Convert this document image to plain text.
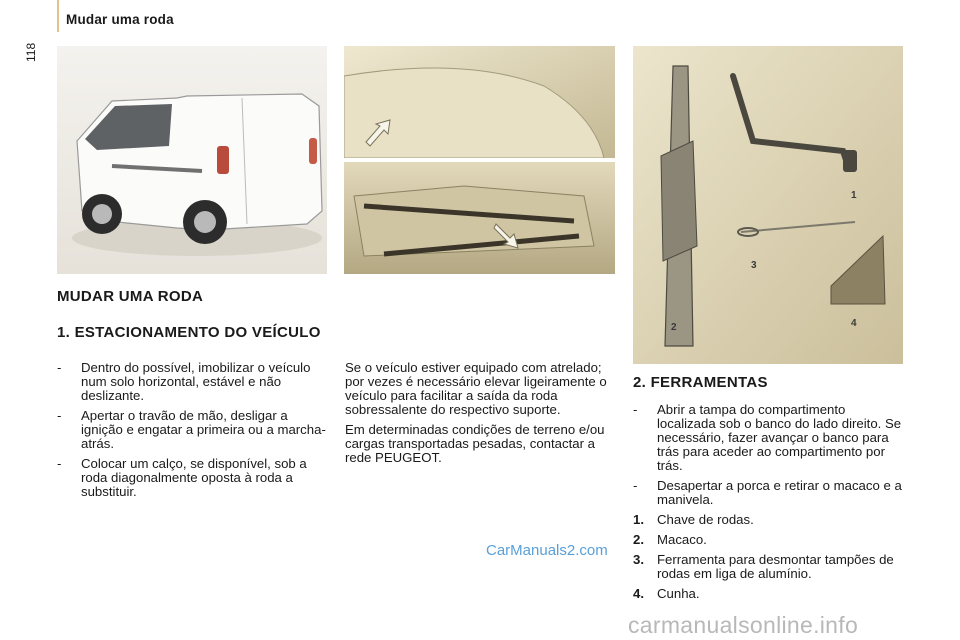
Mudar uma roda
118
1
2
3
4
MUDAR UMA RODA
1. ESTACIONAMENTO DO VEÍCULO
-	Dentro do possível, imobilizar o veículo num solo horizontal, estável e não deslizante.
-	Apertar o travão de mão, desligar a ignição e engatar a primeira ou a marcha-atrás.
-	Colocar um calço, se disponível, sob a roda diagonalmente oposta à roda a substituir.

Se o veículo estiver equipado com atrelado; por vezes é necessário elevar ligeiramente o veículo para facilitar a saída da roda sobressalente do respectivo suporte.

Em determinadas condições de terreno e/ou cargas transportadas pesadas, contactar a rede PEUGEOT.

2. FERRAMENTAS
-	Abrir a tampa do compartimento localizada sob o banco do lado direito. Se necessário, fazer avançar o banco para trás para aceder ao compartimento por trás.
-	Desapertar a porca e retirar o macaco e a manivela.
1. Chave de rodas.
2. Macaco.
3. Ferramenta para desmontar tampões de rodas em liga de alumínio.
4. Cunha.
CarManuals2.com
carmanualsonline.info
